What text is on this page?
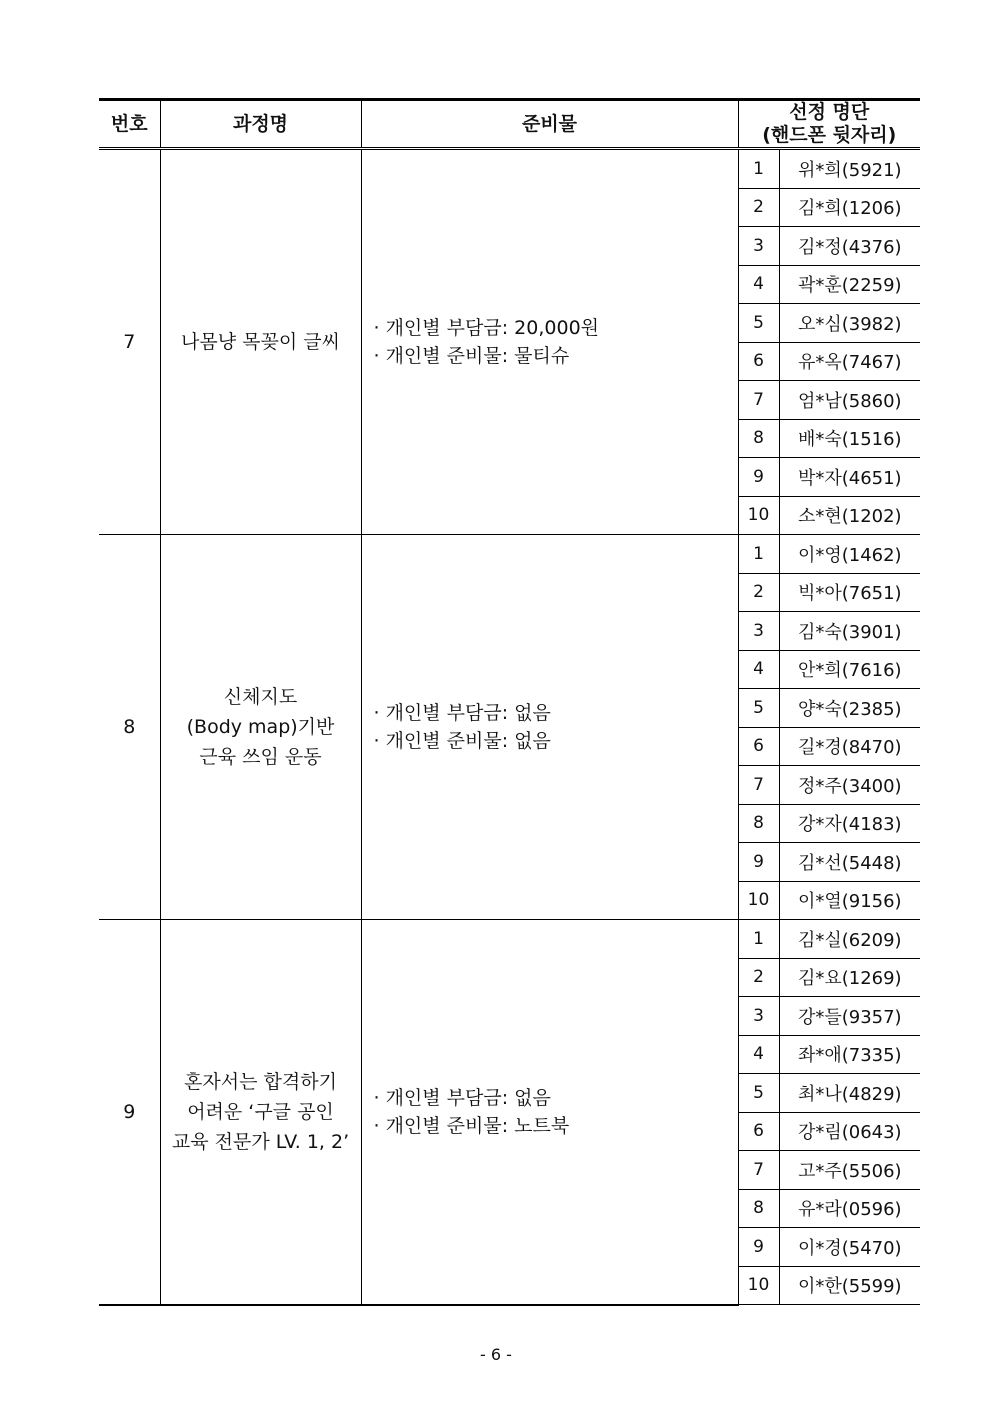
번호	과정명	준비물	선정 명단
(핸드폰 뒷자리)	

7	나몸냥 목꽂이 글씨	· 개인별 부담금: 20,000원
· 개인별 준비물: 물티슈	1	위*희(5921)
			2	김*희(1206)
			3	김*정(4376)
			4	곽*훈(2259)
			5	오*심(3982)
			6	유*옥(7467)
			7	엄*남(5860)
			8	배*숙(1516)
			9	박*자(4651)
			10	소*현(1202)
8	신체지도
(Body map)기반
근육 쓰임 운동	· 개인별 부담금: 없음
· 개인별 준비물: 없음	1	이*영(1462)
			2	빅*아(7651)
			3	김*숙(3901)
			4	안*희(7616)
			5	양*숙(2385)
			6	길*경(8470)
			7	정*주(3400)
			8	강*자(4183)
			9	김*선(5448)
			10	이*열(9156)
9	혼자서는 합격하기
어려운 ‘구글 공인
교육 전문가 LV. 1, 2’	· 개인별 부담금: 없음
· 개인별 준비물: 노트북	1	김*실(6209)
			2	김*요(1269)
			3	강*들(9357)
			4	좌*애(7335)
			5	최*나(4829)
			6	강*림(0643)
			7	고*주(5506)
			8	유*라(0596)
			9	이*경(5470)
			10	이*한(5599)
- 6 -
